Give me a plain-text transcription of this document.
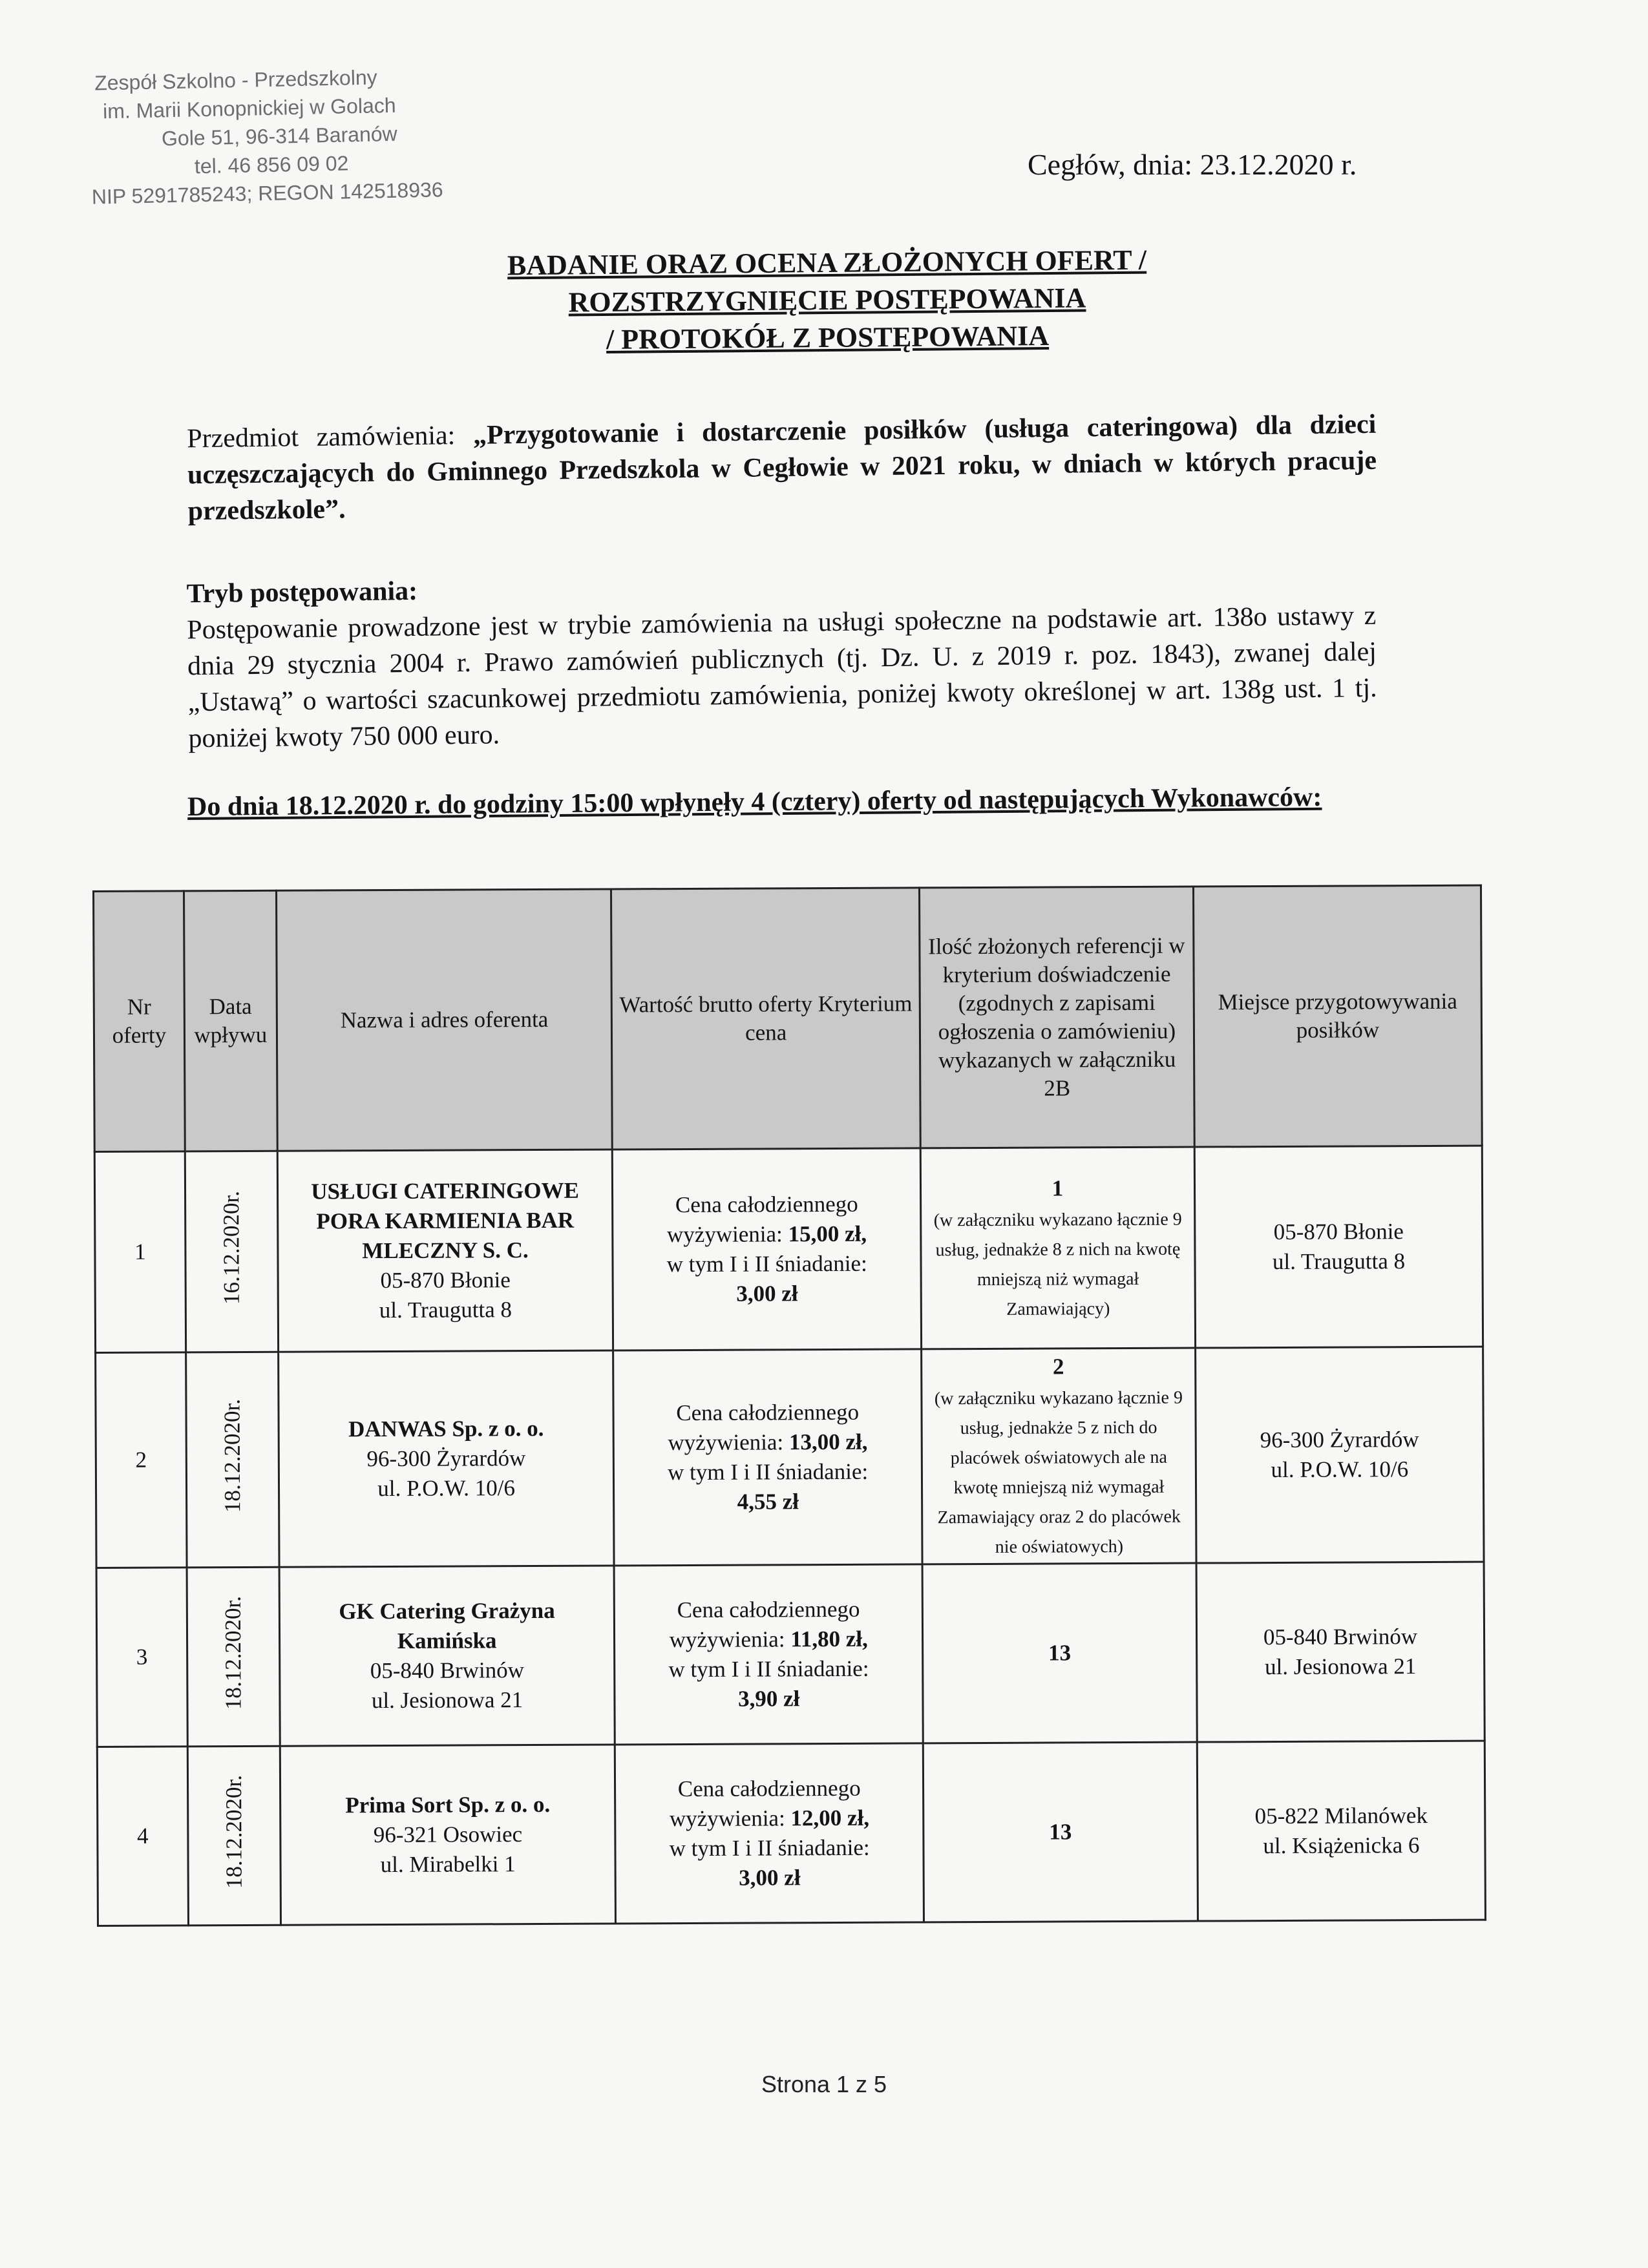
Zespół Szkolno - Przedszkolny
im. Marii Konopnickiej w Golach
Gole 51, 96-314 Baranów
tel. 46 856 09 02
NIP 5291785243; REGON 142518936
Cegłów, dnia: 23.12.2020 r.
BADANIE ORAZ OCENA ZŁOŻONYCH OFERT /
ROZSTRZYGNIĘCIE POSTĘPOWANIA
/ PROTOKÓŁ Z POSTĘPOWANIA
Przedmiot zamówienia: „Przygotowanie i dostarczenie posiłków (usługa cateringowa) dla dzieci uczęszczających do Gminnego Przedszkola w Cegłowie w 2021 roku, w dniach w których pracuje przedszkole”.
Tryb postępowania:
Postępowanie prowadzone jest w trybie zamówienia na usługi społeczne na podstawie art. 138o ustawy z dnia 29 stycznia 2004 r. Prawo zamówień publicznych (tj. Dz. U. z 2019 r. poz. 1843), zwanej dalej „Ustawą” o wartości szacunkowej przedmiotu zamówienia, poniżej kwoty określonej w art. 138g ust. 1 tj. poniżej kwoty 750 000 euro.
Do dnia 18.12.2020 r. do godziny 15:00 wpłynęły 4 (cztery) oferty od następujących Wykonawców:
Nr oferty	Data wpływu	Nazwa i adres oferenta	Wartość brutto oferty Kryterium cena	Ilość złożonych referencji w kryterium doświadczenie (zgodnych z zapisami ogłoszenia o zamówieniu) wykazanych w załączniku 2B	Miejsce przygotowywania posiłków
1	16.12.2020r.	USŁUGI CATERINGOWE PORA KARMIENIA BAR MLECZNY S. C.
05-870 Błonie
ul. Traugutta 8	Cena całodziennego wyżywienia: 15,00 zł,
w tym I i II śniadanie:
3,00 zł	1
(w załączniku wykazano łącznie 9 usług, jednakże 8 z nich na kwotę mniejszą niż wymagał Zamawiający)	05-870 Błonie
ul. Traugutta 8
2	18.12.2020r.	DANWAS Sp. z o. o.
96-300 Żyrardów
ul. P.O.W. 10/6	Cena całodziennego wyżywienia: 13,00 zł,
w tym I i II śniadanie:
4,55 zł	2
(w załączniku wykazano łącznie 9 usług, jednakże 5 z nich do placówek oświatowych ale na kwotę mniejszą niż wymagał Zamawiający oraz 2 do placówek nie oświatowych)	96-300 Żyrardów
ul. P.O.W. 10/6
3	18.12.2020r.	GK Catering Grażyna Kamińska
05-840 Brwinów
ul. Jesionowa 21	Cena całodziennego wyżywienia: 11,80 zł,
w tym I i II śniadanie:
3,90 zł	13	05-840 Brwinów
ul. Jesionowa 21
4	18.12.2020r.	Prima Sort Sp. z o. o.
96-321 Osowiec
ul. Mirabelki 1	Cena całodziennego wyżywienia: 12,00 zł,
w tym I i II śniadanie:
3,00 zł	13	05-822 Milanówek
ul. Książenicka 6
Strona 1 z 5
